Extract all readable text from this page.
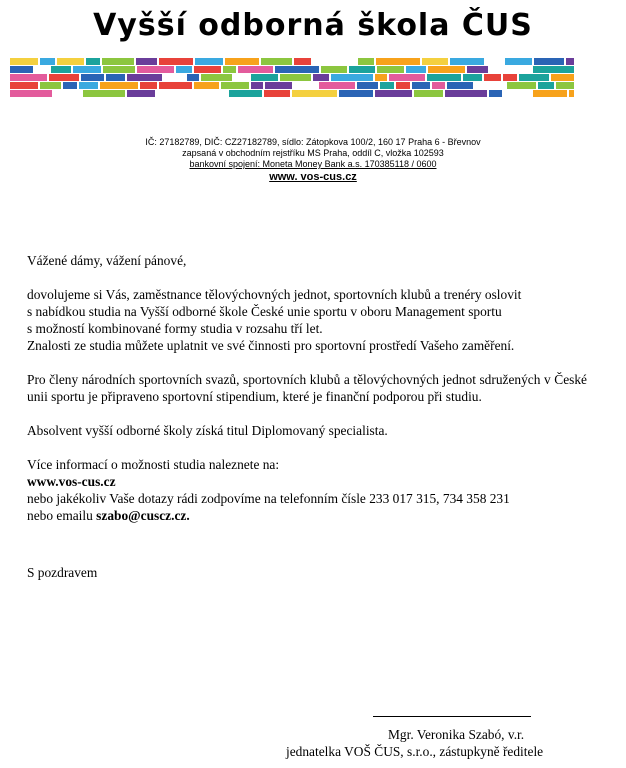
Vyšší odborná škola ČUS
IČ: 27182789, DIČ: CZ27182789, sídlo: Zátopkova 100/2, 160 17 Praha 6 - Břevnov
zapsaná v obchodním rejstříku MS Praha, oddíl C, vložka 102593
bankovní spojení: Moneta Money Bank a.s. 170385118 / 0600
www. vos-cus.cz

Vážené dámy, vážení pánové,

dovolujeme si Vás, zaměstnance tělovýchovných jednot, sportovních klubů a trenéry oslovit
s nabídkou studia na Vyšší odborné škole České unie sportu v oboru Management sportu
s možností kombinované formy studia v rozsahu tří let.
Znalosti ze studia můžete uplatnit ve své činnosti pro sportovní prostředí Vašeho zaměření.

Pro členy národních sportovních svazů, sportovních klubů a tělovýchovných jednot sdružených v České unii sportu je připraveno sportovní stipendium, které je finanční podporou při studiu.

Absolvent vyšší odborné školy získá titul Diplomovaný specialista.

Více informací o možnosti studia naleznete na:
www.vos-cus.cz
nebo jakékoliv Vaše dotazy rádi zodpovíme na telefonním čísle 233 017 315, 734 358 231
nebo emailu szabo@cuscz.cz.

S pozdravem

Mgr. Veronika Szabó, v.r.
jednatelka VOŠ ČUS, s.r.o., zástupkyně ředitele
